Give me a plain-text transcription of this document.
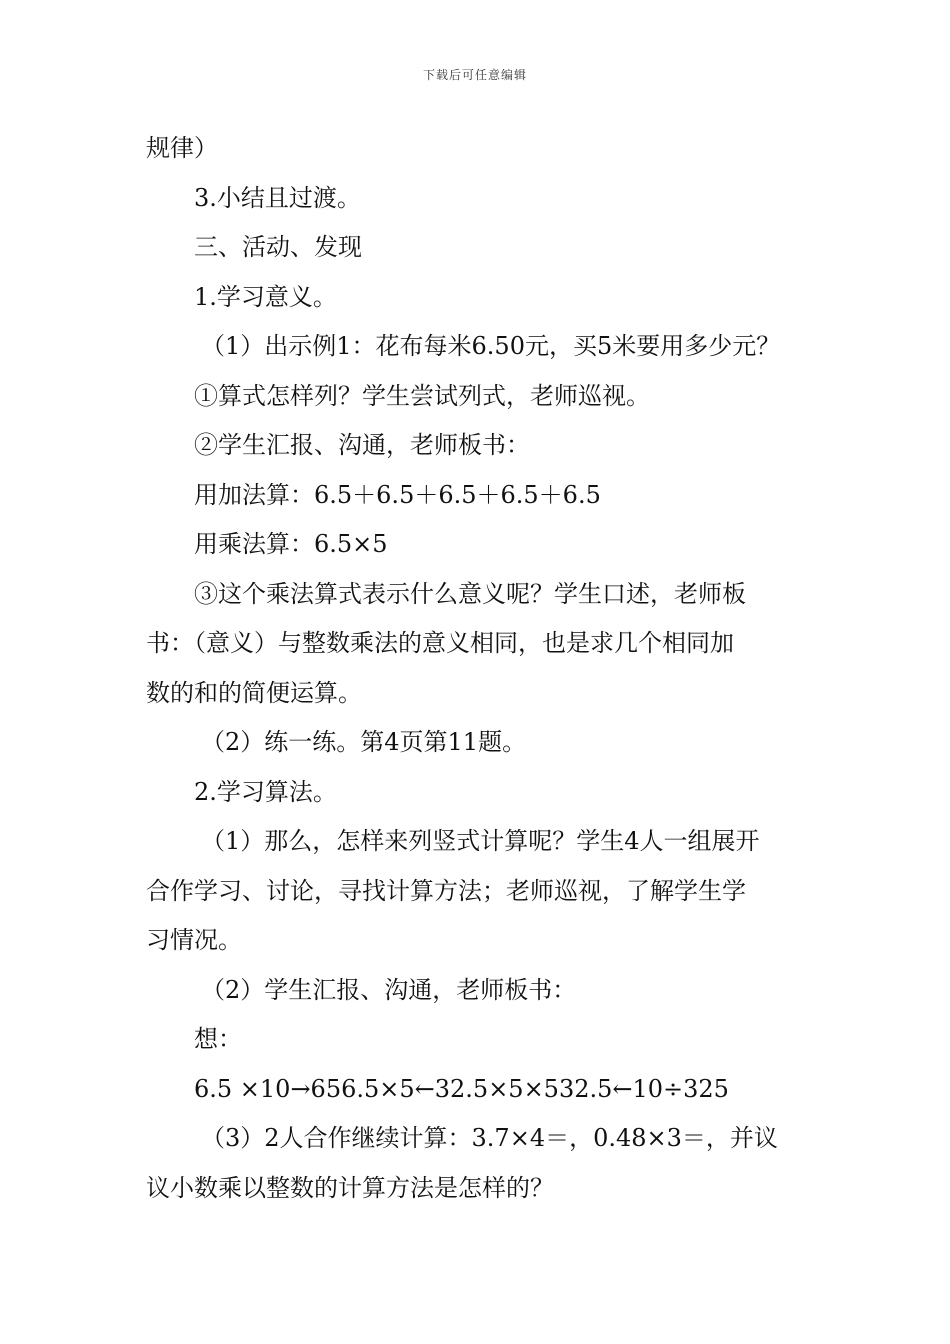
下载后可任意编辑
规律）
3.小结且过渡。
三、活动、发现
1.学习意义。
（1）出示例1：花布每米6.50元，买5米要用多少元？
①算式怎样列？学生尝试列式，老师巡视。
②学生汇报、沟通，老师板书：
用加法算：6.5＋6.5＋6.5＋6.5＋6.5
用乘法算：6.5×5
③这个乘法算式表示什么意义呢？学生口述，老师板
书：（意义）与整数乘法的意义相同，也是求几个相同加
数的和的简便运算。
（2）练一练。第4页第11题。
2.学习算法。
（1）那么，怎样来列竖式计算呢？学生4人一组展开
合作学习、讨论，寻找计算方法；老师巡视，了解学生学
习情况。
（2）学生汇报、沟通，老师板书：
想：
6.5 ×10→656.5×5←32.5×5×532.5←10÷325
（3）2人合作继续计算：3.7×4＝，0.48×3＝，并议
议小数乘以整数的计算方法是怎样的？
